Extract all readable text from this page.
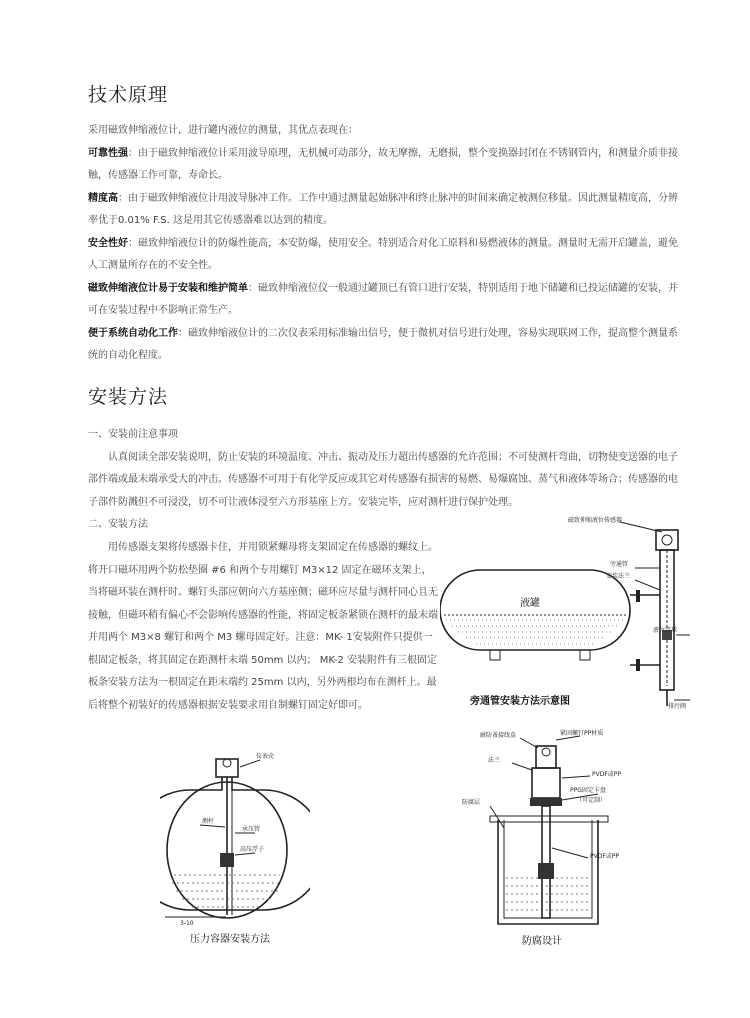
技术原理
采用磁致伸缩液位计，进行罐内液位的测量，其优点表现在：
可靠性强：由于磁致伸缩液位计采用波导原理，无机械可动部分，故无摩擦，无磨损，整个变换器封闭在不锈钢管内，和测量介质非接触，传感器工作可靠，寿命长。
精度高：由于磁致伸缩液位计用波导脉冲工作。工作中通过测量起始脉冲和终止脉冲的时间来确定被测位移量。因此测量精度高，分辨率优于0.01% F.S. 这是用其它传感器难以达到的精度。
安全性好：磁致伸缩液位计的防爆性能高，本安防爆，使用安全。特别适合对化工原料和易燃液体的测量。测量时无需开启罐盖，避免人工测量所存在的不安全性。
磁致伸缩液位计易于安装和维护简单：磁致伸缩液位仪一般通过罐顶已有管口进行安装，特别适用于地下储罐和已投运储罐的安装，并可在安装过程中不影响正常生产。
便于系统自动化工作：磁致伸缩液位计的二次仪表采用标准输出信号，便于微机对信号进行处理，容易实现联网工作，提高整个测量系统的自动化程度。
安装方法
一、安装前注意事项
认真阅读全部安装说明，防止安装的环境温度、冲击、振动及压力超出传感器的允许范围；不可使测杆弯曲，切物使变送器的电子部件端或最末端承受大的冲击。传感器不可用于有化学反应或其它对传感器有损害的易燃、易爆腐蚀、蒸气和液体等场合；传感器的电子部件防溅但不可浸没，切不可让液体浸至六方形基座上方。安装完毕，应对测杆进行保护处理。
二、安装方法
用传感器支架将传感器卡住，并用锁紧螺母将支架固定在传感器的螺纹上。将开口磁环用两个防松垫圈 #6 和两个专用螺钉 M3×12 固定在磁环支架上，当将磁环装在测杆时。螺钉头部应朝向六方基座侧；磁环应尽量与测杆同心且无接触，但磁环稍有偏心不会影响传感器的性能，将固定板条紧锁在测杆的最末端并用两个 M3×8 螺钉和两个 M3 螺母固定好。注意：MK- 1安装附件只提供一根固定板条，将其固定在距测杆末端 50mm 以内； MK-2 安装附件有三根固定板条安装方法为一根固定在距末端约 25mm 以内，另外两根均布在测杆上。最后将整个初装好的传感器根据安装要求用自制螺钉固定好即可。
磁致伸缩液位传感器
旁通管
安装法兰
液位浮球
排污阀
液罐
旁通管安装方法示意图
仪表壳
测杆
承压管
高压浮子
3-10
压力容器安装方法
耐防蚤接线盒	紧固螺钉PP材质
法兰
PVDF或PP
PPG固定卡盘
（可定制）
防腐层
PVDF或PP
防腐设计
